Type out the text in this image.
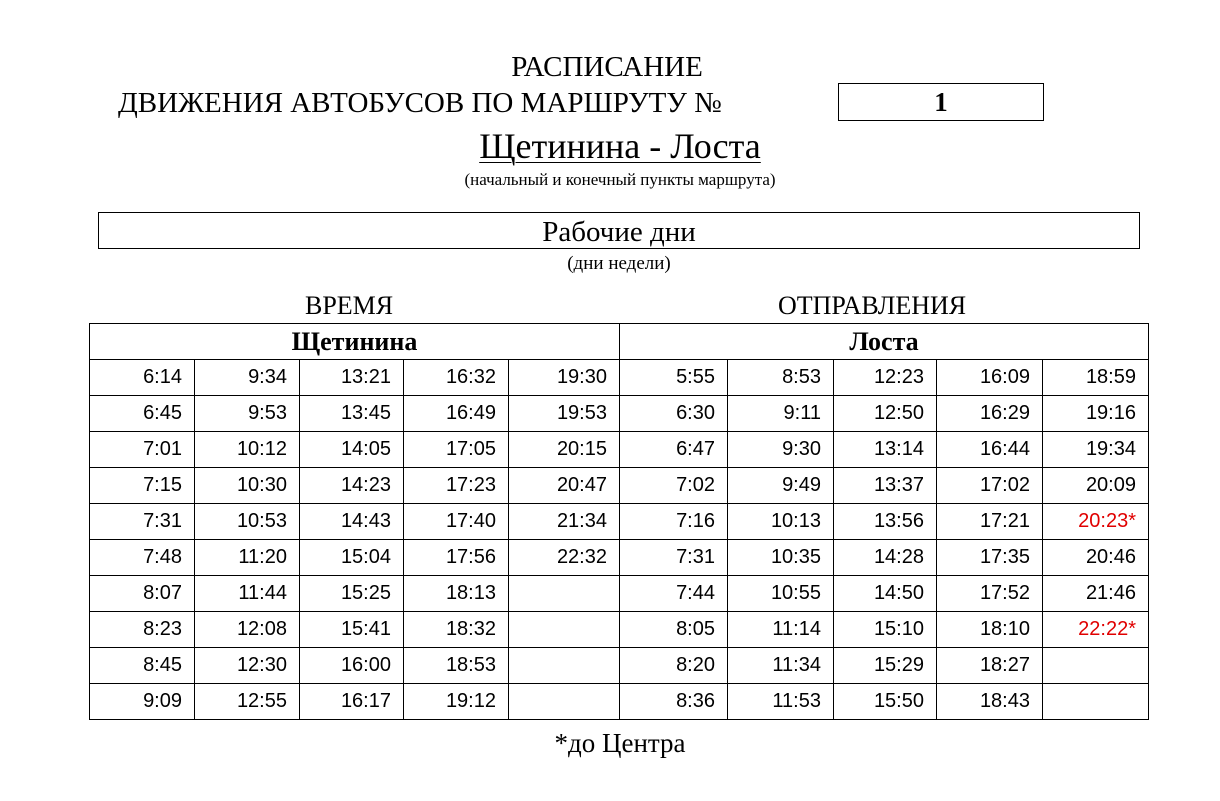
РАСПИСАНИЕ
ДВИЖЕНИЯ АВТОБУСОВ ПО МАРШРУТУ №	1
Щетинина - Лоста
(начальный и конечный пункты маршрута)
Рабочие дни
(дни недели)
ВРЕМЯ	ОТПРАВЛЕНИЯ
Щетинина					Лоста				
6:14	9:34	13:21	16:32	19:30	5:55	8:53	12:23	16:09	18:59
6:45	9:53	13:45	16:49	19:53	6:30	9:11	12:50	16:29	19:16
7:01	10:12	14:05	17:05	20:15	6:47	9:30	13:14	16:44	19:34
7:15	10:30	14:23	17:23	20:47	7:02	9:49	13:37	17:02	20:09
7:31	10:53	14:43	17:40	21:34	7:16	10:13	13:56	17:21	20:23*
7:48	11:20	15:04	17:56	22:32	7:31	10:35	14:28	17:35	20:46
8:07	11:44	15:25	18:13		7:44	10:55	14:50	17:52	21:46
8:23	12:08	15:41	18:32		8:05	11:14	15:10	18:10	22:22*
8:45	12:30	16:00	18:53		8:20	11:34	15:29	18:27	
9:09	12:55	16:17	19:12		8:36	11:53	15:50	18:43	
*до Центра
